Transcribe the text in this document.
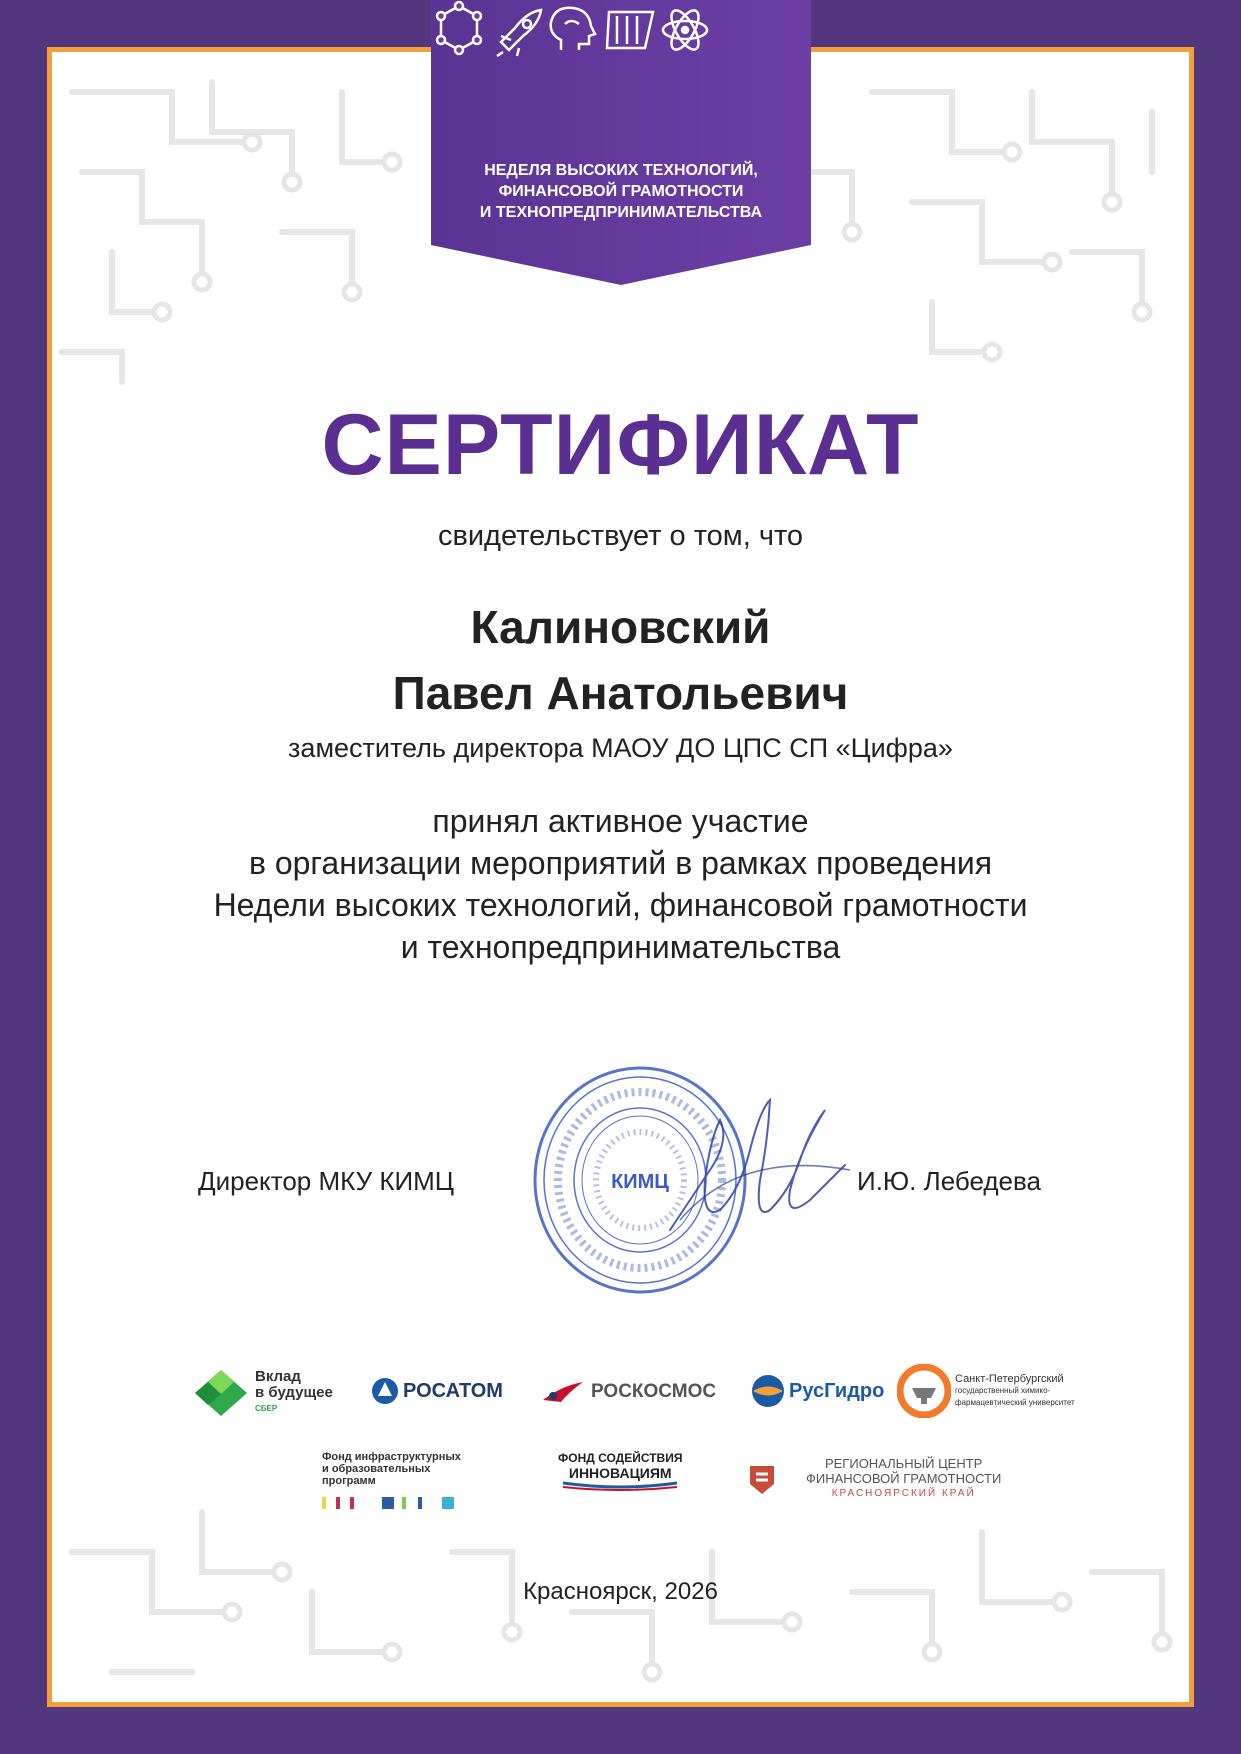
НЕДЕЛЯ ВЫСОКИХ ТЕХНОЛОГИЙ,
ФИНАНСОВОЙ ГРАМОТНОСТИ
И ТЕХНОПРЕДПРИНИМАТЕЛЬСТВА
СЕРТИФИКАТ
свидетельствует о том, что
Калиновский
Павел Анатольевич
заместитель директора МАОУ ДО ЦПС СП «Цифра»
принял активное участие
в организации мероприятий в рамках проведения
Недели высоких технологий, финансовой грамотности
и технопредпринимательства
Директор МКУ КИМЦ	КИМЦ	И.Ю. Лебедева
Вклад
в будущее
СБЕР
РОСАТОМ	РОСКОСМОС	РусГидро
Санкт-Петербургский
государственный химико-
фармацевтический университет
Фонд инфраструктурных
и образовательных
программ
ФОНД СОДЕЙСТВИЯ
ИННОВАЦИЯМ
РЕГИОНАЛЬНЫЙ ЦЕНТР
ФИНАНСОВОЙ ГРАМОТНОСТИ
КРАСНОЯРСКИЙ КРАЙ
Красноярск, 2026
